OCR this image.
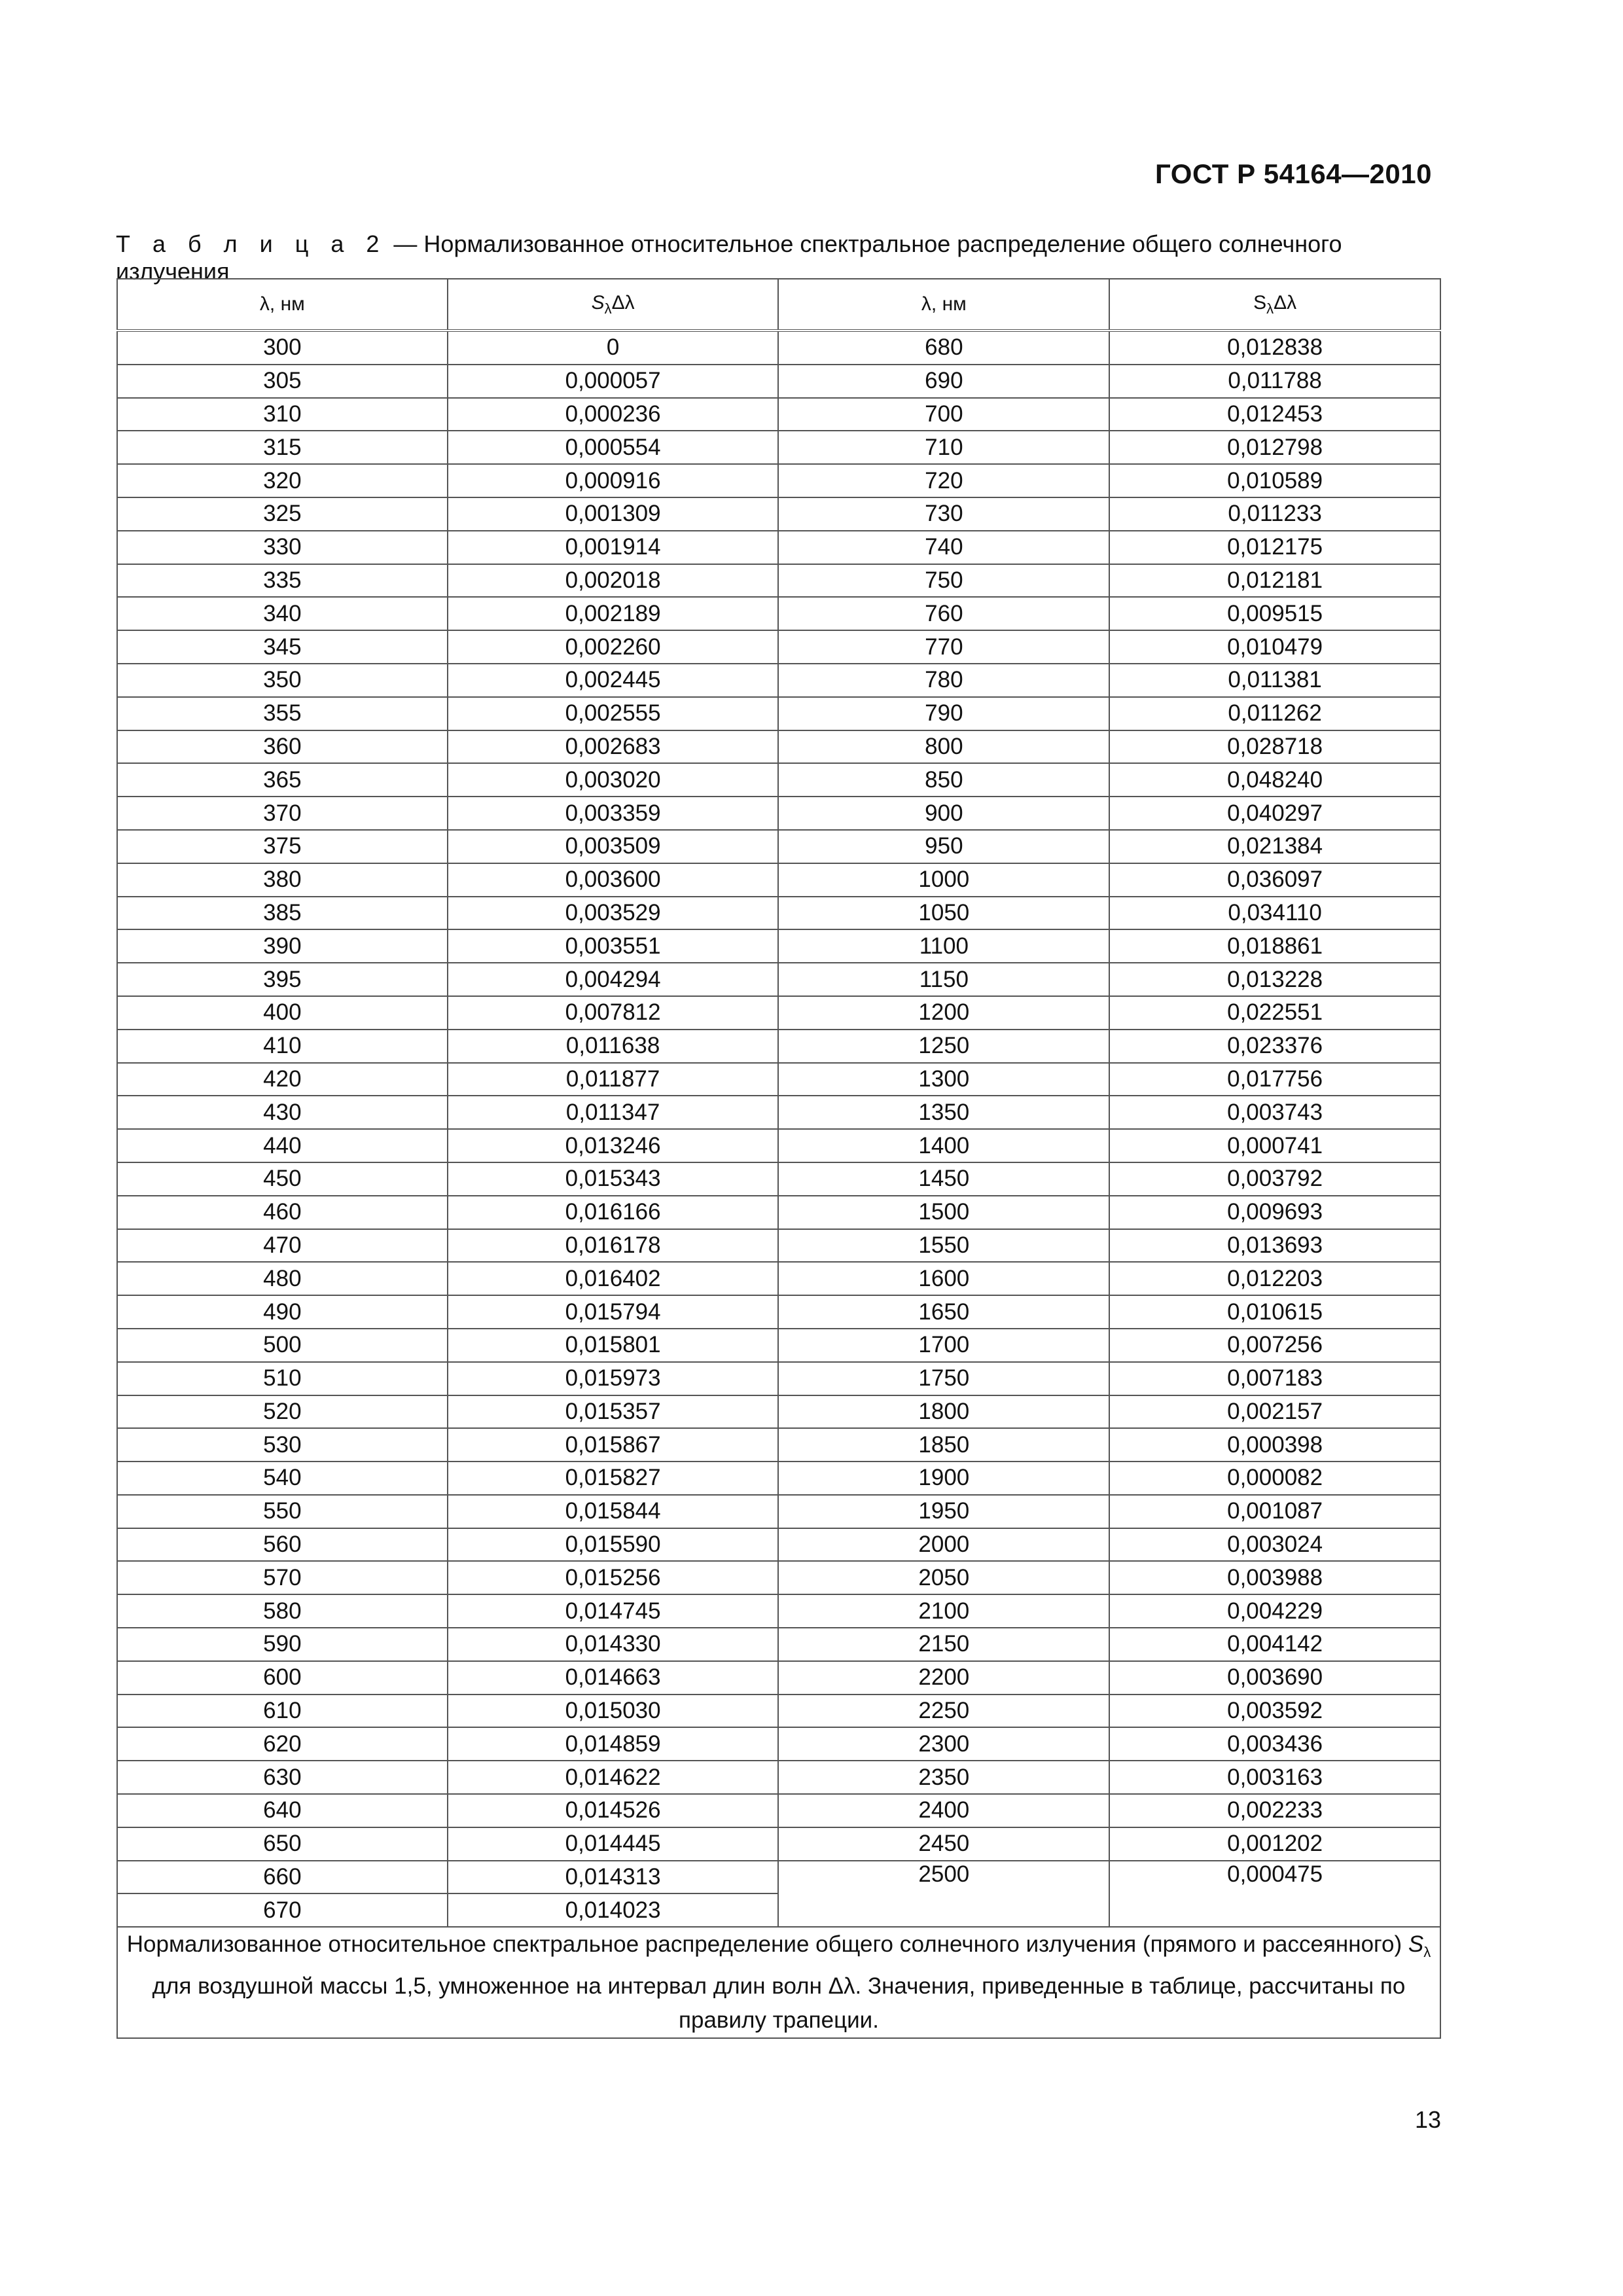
ГОСТ Р 54164—2010
Т а б л и ц а 2 — Нормализованное относительное спектральное распределение общего солнечного излучения
λ, нм	$S_\lambda\Delta\lambda$	λ, нм	$S_\lambda\Delta\lambda$
300	0	680	0,012838
305	0,000057	690	0,011788
310	0,000236	700	0,012453
315	0,000554	710	0,012798
320	0,000916	720	0,010589
325	0,001309	730	0,011233
330	0,001914	740	0,012175
335	0,002018	750	0,012181
340	0,002189	760	0,009515
345	0,002260	770	0,010479
350	0,002445	780	0,011381
355	0,002555	790	0,011262
360	0,002683	800	0,028718
365	0,003020	850	0,048240
370	0,003359	900	0,040297
375	0,003509	950	0,021384
380	0,003600	1000	0,036097
385	0,003529	1050	0,034110
390	0,003551	1100	0,018861
395	0,004294	1150	0,013228
400	0,007812	1200	0,022551
410	0,011638	1250	0,023376
420	0,011877	1300	0,017756
430	0,011347	1350	0,003743
440	0,013246	1400	0,000741
450	0,015343	1450	0,003792
460	0,016166	1500	0,009693
470	0,016178	1550	0,013693
480	0,016402	1600	0,012203
490	0,015794	1650	0,010615
500	0,015801	1700	0,007256
510	0,015973	1750	0,007183
520	0,015357	1800	0,002157
530	0,015867	1850	0,000398
540	0,015827	1900	0,000082
550	0,015844	1950	0,001087
560	0,015590	2000	0,003024
570	0,015256	2050	0,003988
580	0,014745	2100	0,004229
590	0,014330	2150	0,004142
600	0,014663	2200	0,003690
610	0,015030	2250	0,003592
620	0,014859	2300	0,003436
630	0,014622	2350	0,003163
640	0,014526	2400	0,002233
650	0,014445	2450	0,001202
660	0,014313	2500	0,000475
670	0,014023		
Нормализованное относительное спектральное распределение общего солнечного излучения (прямого и рассеянного) $S_\lambda$ для воздушной массы 1,5, умноженное на интервал длин волн Δλ. Значения, приведенные в таблице, рассчитаны по правилу трапеции.			
13
